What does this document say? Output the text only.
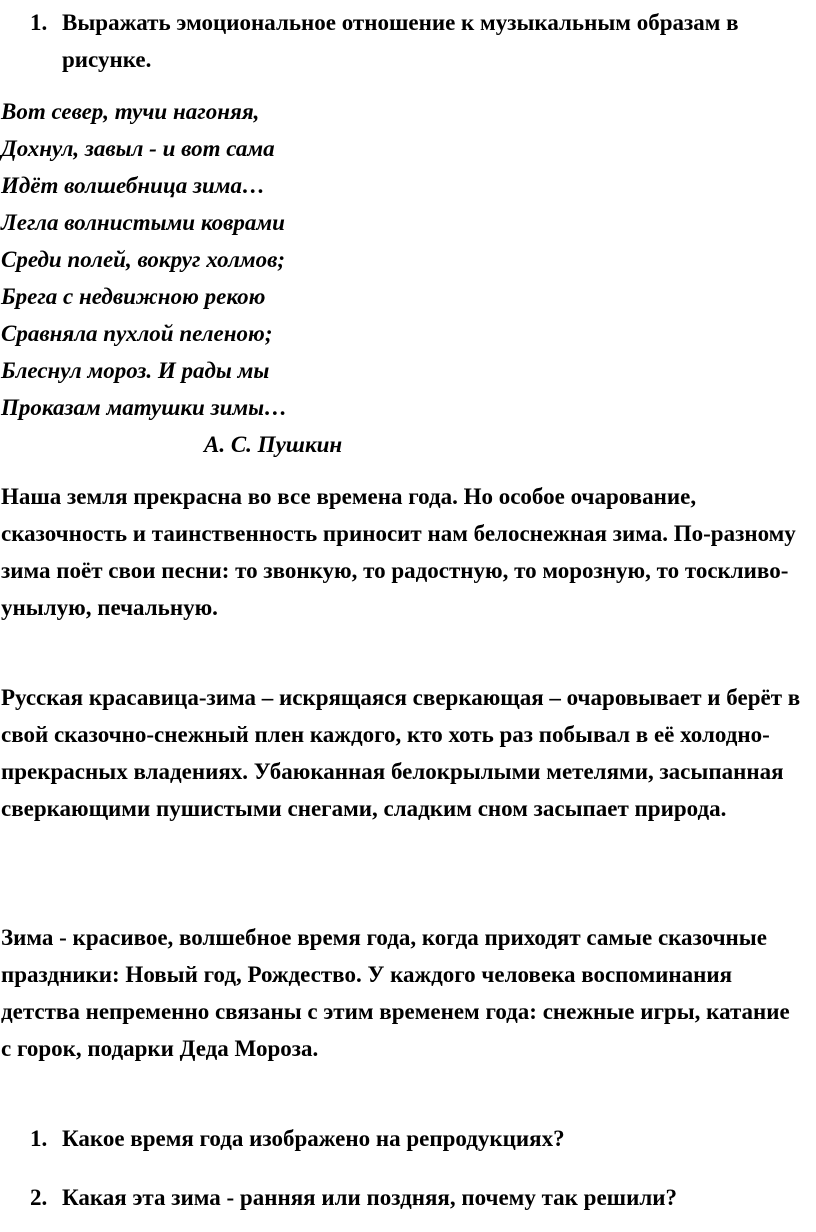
1. Выражать эмоциональное отношение к музыкальным образам в рисунке.
Вот север, тучи нагоняя,
Дохнул, завыл - и вот сама
Идёт волшебница зима…
Легла волнистыми коврами
Среди полей, вокруг холмов;
Брега с недвижною рекою
Сравняла пухлой пеленою;
Блеснул мороз. И рады мы
Проказам матушки зимы…
А. С. Пушкин
Наша земля прекрасна во все времена года. Но особое очарование, сказочность и таинственность приносит нам белоснежная зима. По-разному зима поёт свои песни: то звонкую, то радостную, то морозную, то тоскливо-унылую, печальную.
Русская красавица-зима – искрящаяся сверкающая – очаровывает и берёт в свой сказочно-снежный плен каждого, кто хоть раз побывал в её холодно-прекрасных владениях. Убаюканная белокрылыми метелями, засыпанная сверкающими пушистыми снегами, сладким сном засыпает природа.
Зима - красивое, волшебное время года, когда приходят самые сказочные праздники: Новый год, Рождество. У каждого человека воспоминания детства непременно связаны с этим временем года: снежные игры, катание с горок, подарки Деда Мороза.
1. Какое время года изображено на репродукциях?
2. Какая эта зима - ранняя или поздняя, почему так решили?
